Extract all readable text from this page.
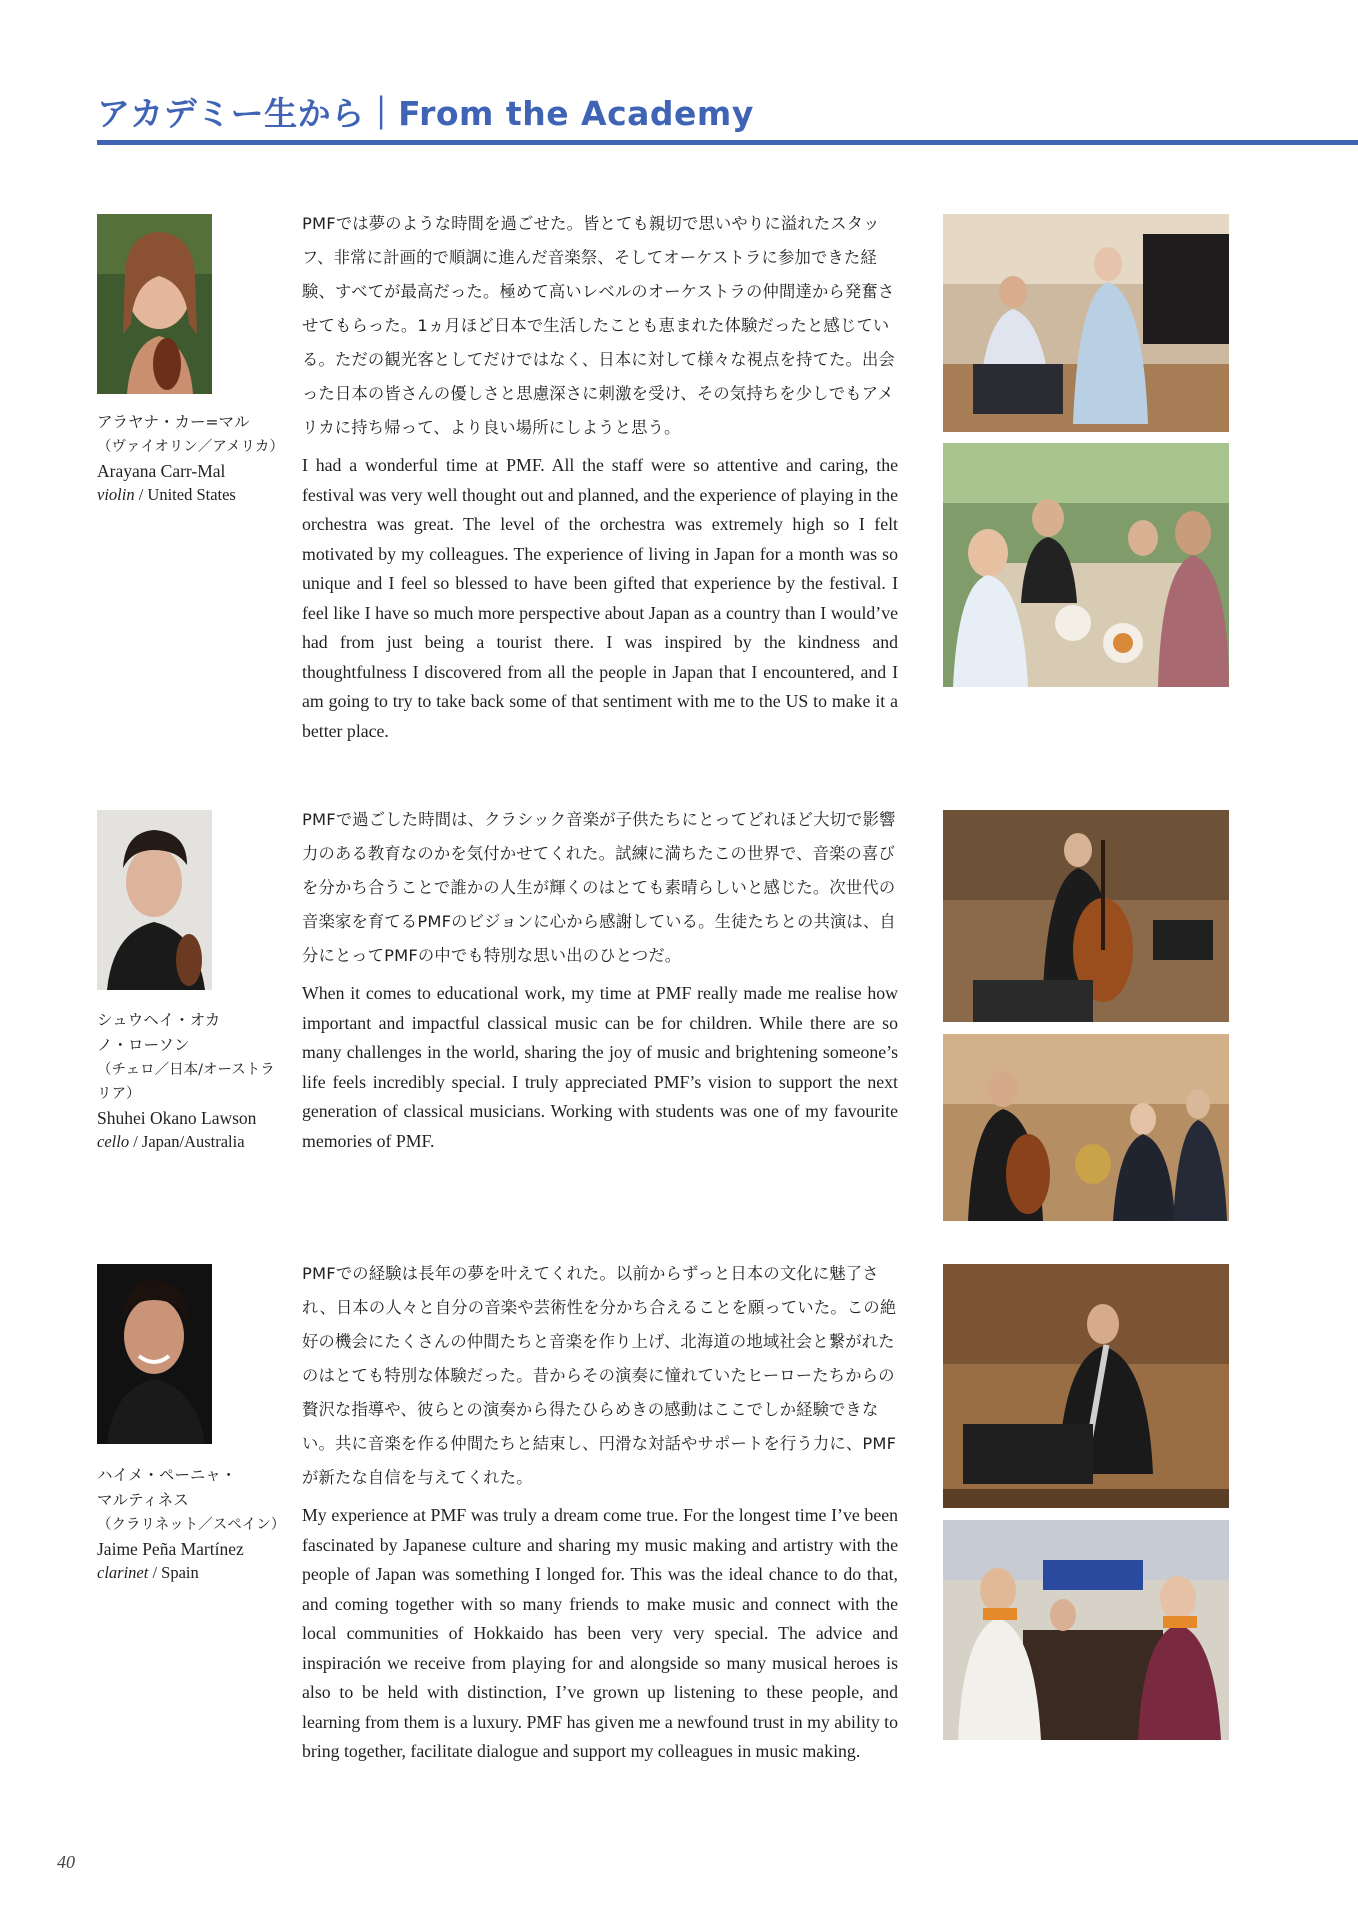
アカデミー生から｜From the Academy
アラヤナ・カー=マル
（ヴァイオリン／アメリカ）
Arayana Carr-Mal
violin / United States

PMFでは夢のような時間を過ごせた。皆とても親切で思いやりに溢れたスタッフ、非常に計画的で順調に進んだ音楽祭、そしてオーケストラに参加できた経験、すべてが最高だった。極めて高いレベルのオーケストラの仲間達から発奮させてもらった。1ヵ月ほど日本で生活したことも恵まれた体験だったと感じている。ただの観光客としてだけではなく、日本に対して様々な視点を持てた。出会った日本の皆さんの優しさと思慮深さに刺激を受け、その気持ちを少しでもアメリカに持ち帰って、より良い場所にしようと思う。

I had a wonderful time at PMF. All the staff were so attentive and caring, the festival was very well thought out and planned, and the experience of playing in the orchestra was great. The level of the orchestra was extremely high so I felt motivated by my colleagues. The experience of living in Japan for a month was so unique and I feel so blessed to have been gifted that experience by the festival. I feel like I have so much more perspective about Japan as a country than I would’ve had from just being a tourist there. I was inspired by the kindness and thoughtfulness I discovered from all the people in Japan that I encountered, and I am going to try to take back some of that sentiment with me to the US to make it a better place.

シュウヘイ・オカノ・ローソン
（チェロ／日本/オーストラリア）
Shuhei Okano Lawson
cello / Japan/Australia

PMFで過ごした時間は、クラシック音楽が子供たちにとってどれほど大切で影響力のある教育なのかを気付かせてくれた。試練に満ちたこの世界で、音楽の喜びを分かち合うことで誰かの人生が輝くのはとても素晴らしいと感じた。次世代の音楽家を育てるPMFのビジョンに心から感謝している。生徒たちとの共演は、自分にとってPMFの中でも特別な思い出のひとつだ。

When it comes to educational work, my time at PMF really made me realise how important and impactful classical music can be for children. While there are so many challenges in the world, sharing the joy of music and brightening someone’s life feels incredibly special. I truly appreciated PMF’s vision to support the next generation of classical musicians. Working with students was one of my favourite memories of PMF.

ハイメ・ペーニャ・マルティネス
（クラリネット／スペイン）
Jaime Peña Martínez
clarinet / Spain

PMFでの経験は長年の夢を叶えてくれた。以前からずっと日本の文化に魅了され、日本の人々と自分の音楽や芸術性を分かち合えることを願っていた。この絶好の機会にたくさんの仲間たちと音楽を作り上げ、北海道の地域社会と繋がれたのはとても特別な体験だった。昔からその演奏に憧れていたヒーローたちからの贅沢な指導や、彼らとの演奏から得たひらめきの感動はここでしか経験できない。共に音楽を作る仲間たちと結束し、円滑な対話やサポートを行う力に、PMFが新たな自信を与えてくれた。

My experience at PMF was truly a dream come true. For the longest time I’ve been fascinated by Japanese culture and sharing my music making and artistry with the people of Japan was something I longed for. This was the ideal chance to do that, and coming together with so many friends to make music and connect with the local communities of Hokkaido has been very very special. The advice and inspiración we receive from playing for and alongside so many musical heroes is also to be held with distinction, I’ve grown up listening to these people, and learning from them is a luxury. PMF has given me a newfound trust in my ability to bring together, facilitate dialogue and support my colleagues in music making.

40
